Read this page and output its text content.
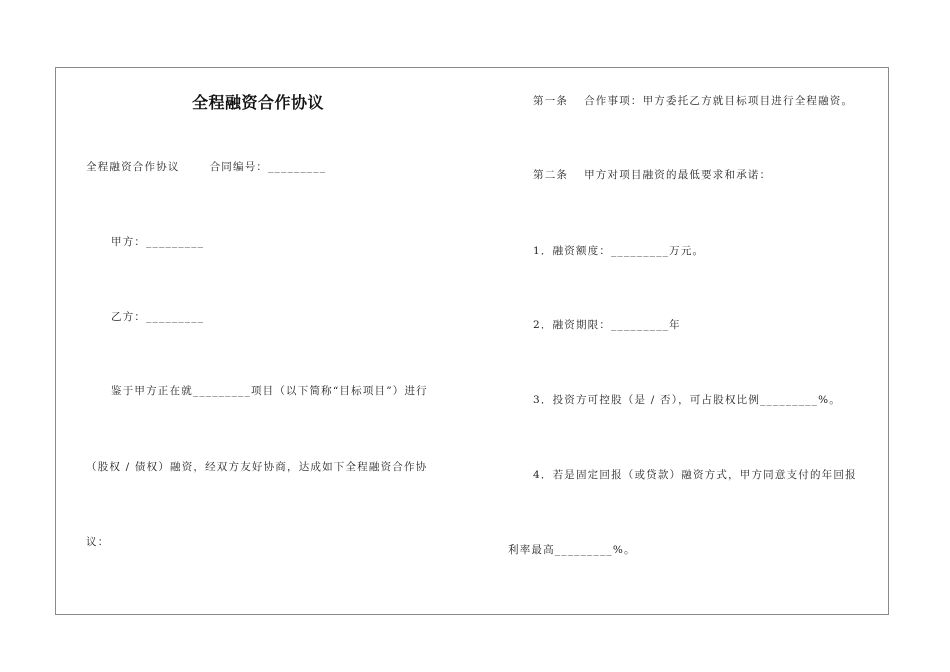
全程融资合作协议
全程融资合作协议	合同编号：_________
甲方：_________
乙方：_________
鉴于甲方正在就_________项目（以下简称“目标项目”）进行
（股权 / 债权）融资，经双方友好协商，达成如下全程融资合作协
议：
第一条 合作事项：甲方委托乙方就目标项目进行全程融资。
第二条 甲方对项目融资的最低要求和承诺：
1．融资额度：_________万元。
2．融资期限：_________年
3．投资方可控股（是 / 否），可占股权比例_________%。
4．若是固定回报（或贷款）融资方式，甲方同意支付的年回报
利率最高_________%。
